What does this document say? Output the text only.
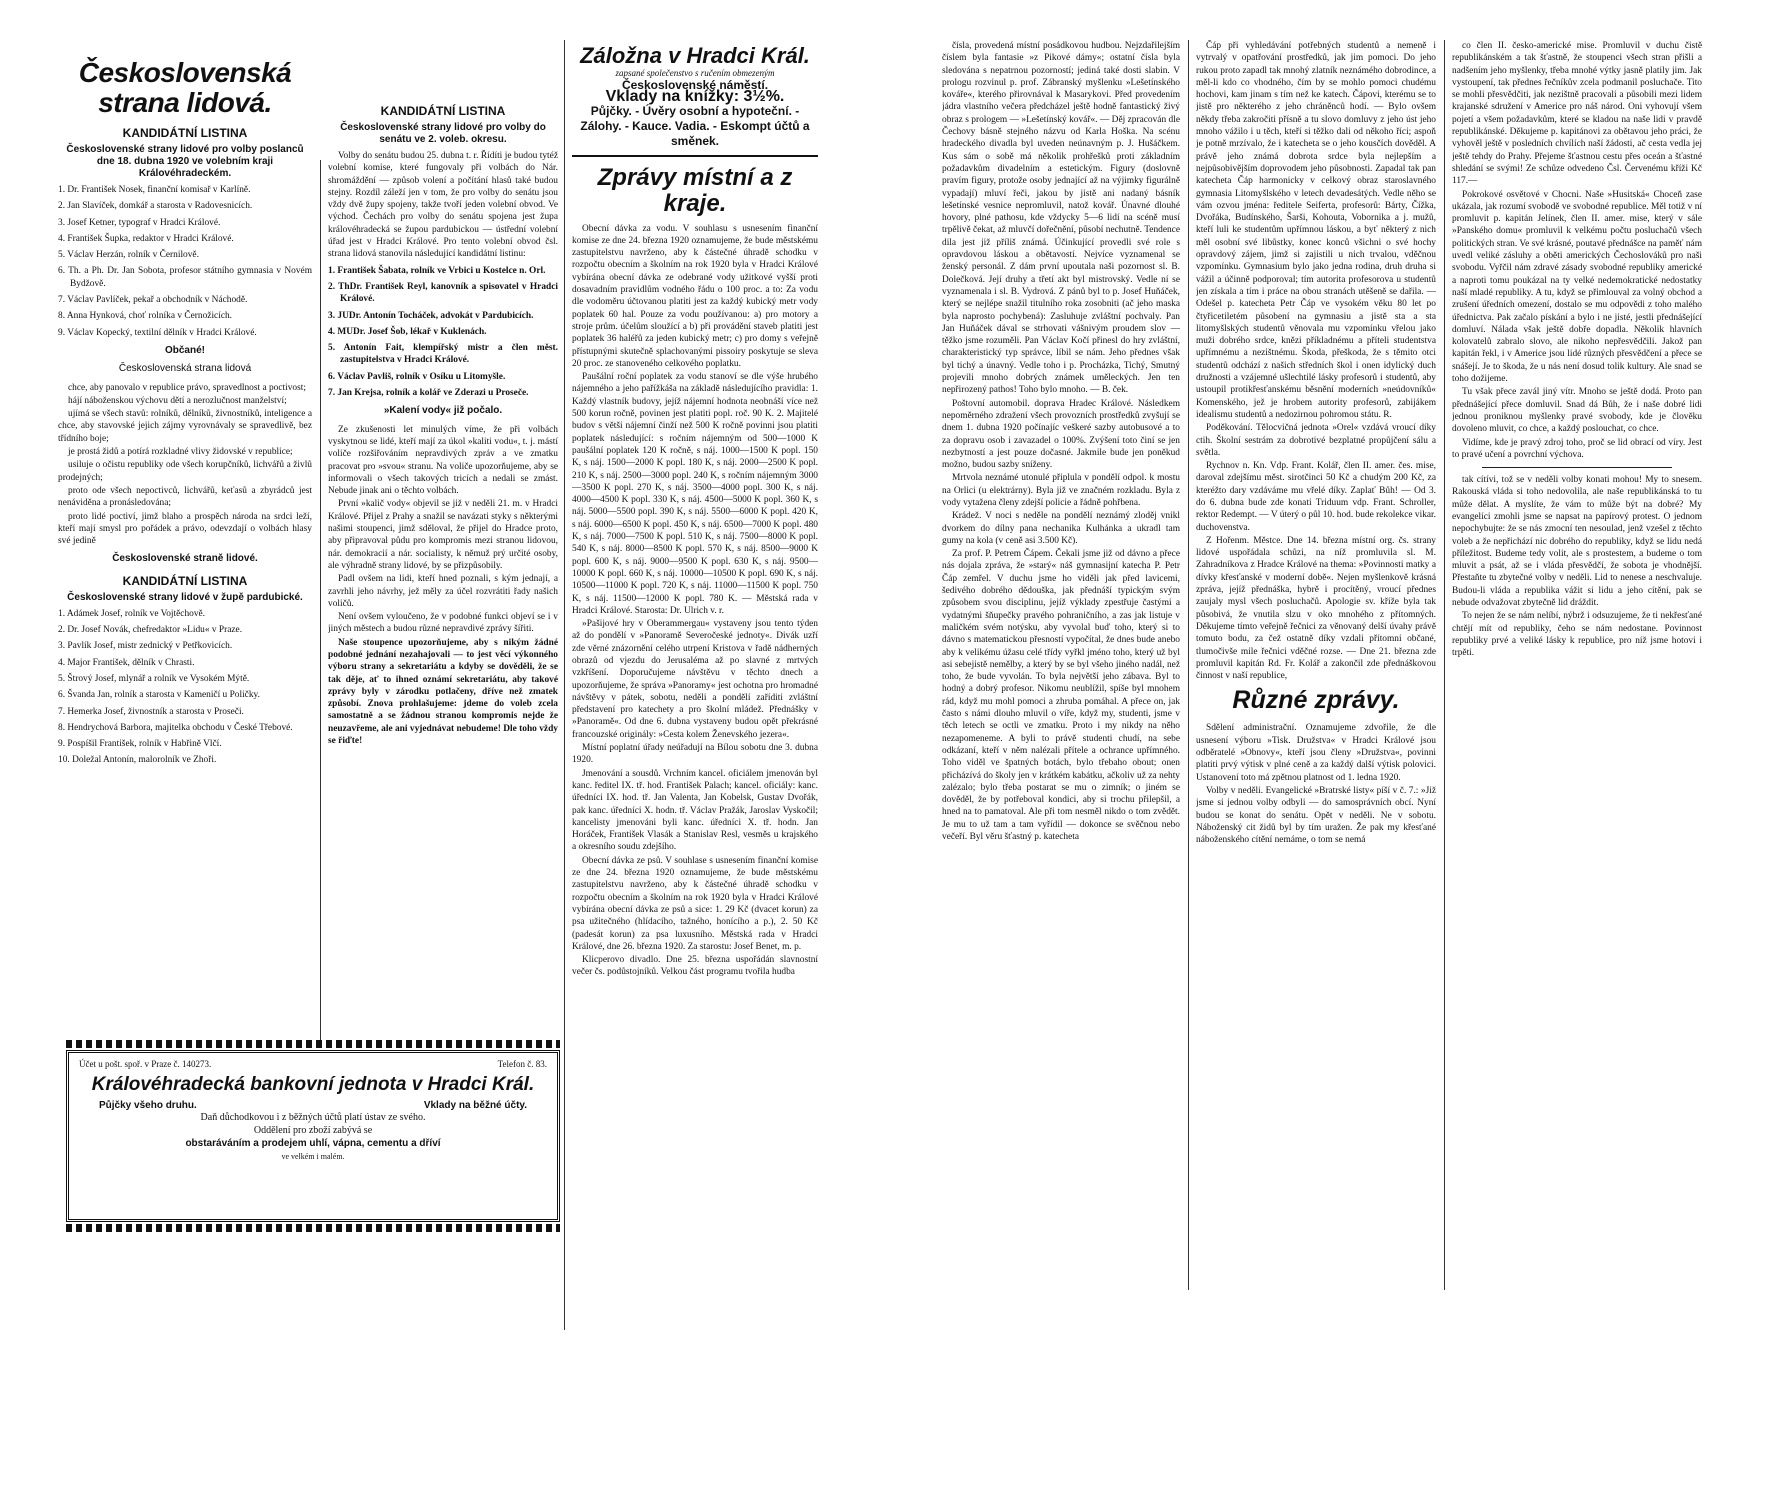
Československá strana lidová.
KANDIDÁTNÍ LISTINA
Československé strany lidové pro volby poslanců dne 18. dubna 1920 ve volebním kraji Královéhradeckém.
1. Dr. František Nosek, finanční komisař v Karlíně.
2. Jan Slavíček, domkář a starosta v Radovesnicích.
3. Josef Ketner, typograf v Hradci Králové.
4. František Šupka, redaktor v Hradci Králové.
5. Václav Herzán, rolník v Černilově.
6. Th. a Ph. Dr. Jan Sobota, profesor státního gymnasia v Novém Bydžově.
7. Václav Pavlíček, pekař a obchodník v Náchodě.
8. Anna Hynková, choť rolníka v Černožicích.
9. Václav Kopecký, textilní dělník v Hradci Králové.
Občané!
Československá strana lidová

chce, aby panovalo v republice právo, spravedlnost a poctivost;

hájí náboženskou výchovu dětí a nerozlučnost manželství;

ujímá se všech stavů: rolníků, dělníků, živnostníků, inteligence a chce, aby stavovské jejich zájmy vyrovnávaly se spravedlivě, bez třídního boje;

je prostá židů a potírá rozkladné vlivy židovské v republice;

usiluje o očistu republiky ode všech korupčníků, lichvářů a živlů prodejných;

proto ode všech nepoctivců, lichvářů, keťasů a zbyrádců jest nenáviděna a pronásledována;

proto lidé poctiví, jimž blaho a prospěch národa na srdci leží, kteří mají smysl pro pořádek a právo, odevzdají o volbách hlasy své jedině

Československé straně lidové.
KANDIDÁTNÍ LISTINA
Československé strany lidové v župě pardubické.
1. Adámek Josef, rolník ve Vojtěchově.
2. Dr. Josef Novák, chefredaktor »Lidu« v Praze.
3. Pavlík Josef, mistr zednický v Petřkovicích.
4. Major František, dělník v Chrasti.
5. Štrový Josef, mlynář a rolník ve Vysokém Mýtě.
6. Švanda Jan, rolník a starosta v Kameničí u Poličky.
7. Hemerka Josef, živnostník a starosta v Proseči.
8. Hendrychová Barbora, majitelka obchodu v České Třebové.
9. Pospíšil František, rolník v Habřině Vlčí.
10. Doležal Antonín, malorolník ve Zhoři.
KANDIDÁTNÍ LISTINA
Československé strany lidové pro volby do senátu ve 2. voleb. okresu.

Volby do senátu budou 25. dubna t. r. Řídíti je budou tytéž volební komise, které fungovaly při volbách do Nár. shromáždění — způsob volení a počítání hlasů také budou stejny. Rozdíl záleží jen v tom, že pro volby do senátu jsou vždy dvě župy spojeny, takže tvoří jeden volební obvod. Ve východ. Čechách pro volby do senátu spojena jest župa královéhradecká se župou pardubickou — ústřední volební úřad jest v Hradci Králové. Pro tento volební obvod čsl. strana lidová stanovila následující kandidátní listinu:

1. František Šabata, rolník ve Vrbici u Kostelce n. Orl.
2. ThDr. František Reyl, kanovník a spisovatel v Hradci Králové.
3. JUDr. Antonín Tocháček, advokát v Pardubicích.
4. MUDr. Josef Šob, lékař v Kuklenách.
5. Antonín Fait, klempířský mistr a člen měst. zastupitelstva v Hradci Králové.
6. Václav Pavliš, rolník v Osíku u Litomyšle.
7. Jan Krejsa, rolník a kolář ve Zderazi u Proseče.
»Kalení vody« již počalo.

Ze zkušenosti let minulých víme, že při volbách vyskytnou se lidé, kteří mají za úkol »kaliti vodu«, t. j. mástí voliče rozšiřováním nepravdivých zpráv a ve zmatku pracovat pro »svou« stranu. Na voliče upozorňujeme, aby se informovali o všech takových tricích a nedali se zmást. Nebude jinak ani o těchto volbách.

První »kalič vody« objevil se již v neděli 21. m. v Hradci Králové. Přijel z Prahy a snažil se navázati styky s některými našimi stoupenci, jimž sděloval, že přijel do Hradce proto, aby připravoval půdu pro kompromis mezi stranou lidovou, nár. demokracií a nár. socialisty, k němuž prý určité osoby, ale výhradně strany lidové, by se přizpůsobily.

Padl ovšem na lidi, kteří hned poznali, s kým jednají, a zavrhli jeho návrhy, jež měly za účel rozvrátiti řady našich voličů.

Není ovšem vyloučeno, že v podobné funkci objeví se i v jiných městech a budou různé nepravdivé zprávy šířiti.

Naše stoupence upozorňujeme, aby s nikým žádné podobné jednání nezahajovali — to jest věcí výkonného výboru strany a sekretariátu a kdyby se dověděli, že se tak děje, ať to ihned oznámí sekretariátu, aby takové zprávy byly v zárodku potlačeny, dříve než zmatek způsobí. Znova prohlašujeme: jdeme do voleb zcela samostatně a se žádnou stranou kompromis nejde že neuzavřeme, ale ani vyjednávat nebudeme! Dle toho vždy se řiďte!

Záložna v Hradci Král.
zapsané společenstvo s ručením obmezeným
Československé náměstí.
Vklady na knížky: 3½%.
Půjčky. - Úvěry osobní a hypoteční. - Zálohy. - Kauce. Vadia. - Eskompt účtů a směnek.
Zprávy místní a z kraje.

Obecní dávka za vodu. V souhlasu s usnesením finanční komise ze dne 24. března 1920 oznamujeme, že bude městskému zastupitelstvu navrženo, aby k částečné úhradě schodku v rozpočtu obecním a školním na rok 1920 byla v Hradci Králové vybírána obecní dávka ze odebrané vody užitkové vyšší proti dosavadním pravidlům vodného řádu o 100 proc. a to: Za vodu dle vodoměru účtovanou platiti jest za každý kubický metr vody poplatek 60 hal. Pouze za vodu používanou: a) pro motory a stroje prům. účelům sloužící a b) při provádění staveb platiti jest poplatek 36 haléřů za jeden kubický metr; c) pro domy s veřejně přístupnými skutečně splachovanými pissoiry poskytuje se sleva 20 proc. ze stanoveného celkového poplatku.

Paušální roční poplatek za vodu stanoví se dle výše hrubého nájemného a jeho pařížkáša na základě následujícího pravidla: 1. Každý vlastník budovy, jejíž nájemní hodnota neobnáší více než 500 korun ročně, povinen jest platiti popl. roč. 90 K. 2. Majitelé budov s větší nájemní činží než 500 K ročně povinni jsou platiti poplatek následující: s ročním nájemným od 500—1000 K paušální poplatek 120 K ročně, s náj. 1000—1500 K popl. 150 K, s náj. 1500—2000 K popl. 180 K, s náj. 2000—2500 K popl. 210 K, s náj. 2500—3000 popl. 240 K, s ročním nájemným 3000—3500 K popl. 270 K, s náj. 3500—4000 popl. 300 K, s náj. 4000—4500 K popl. 330 K, s náj. 4500—5000 K popl. 360 K, s náj. 5000—5500 popl. 390 K, s náj. 5500—6000 K popl. 420 K, s náj. 6000—6500 K popl. 450 K, s náj. 6500—7000 K popl. 480 K, s náj. 7000—7500 K popl. 510 K, s náj. 7500—8000 K popl. 540 K, s náj. 8000—8500 K popl. 570 K, s náj. 8500—9000 K popl. 600 K, s náj. 9000—9500 K popl. 630 K, s náj. 9500—10000 K popl. 660 K, s náj. 10000—10500 K popl. 690 K, s náj. 10500—11000 K popl. 720 K, s náj. 11000—11500 K popl. 750 K, s náj. 11500—12000 K popl. 780 K. — Městská rada v Hradci Králové. Starosta: Dr. Ulrich v. r.

»Pašijové hry v Oberammergau« vystaveny jsou tento týden až do pondělí v »Panoramě Severočeské jednoty«. Divák uzří zde věrné znázornění celého utrpení Kristova v řadě nádherných obrazů od vjezdu do Jerusaléma až po slavné z mrtvých vzkříšení. Doporučujeme návštěvu v těchto dnech a upozorňujeme, že správa »Panoramy« jest ochotna pro hromadné návštěvy v pátek, sobotu, neděli a pondělí zaříditi zvláštní představení pro katechety a pro školní mládež. Přednášky v »Panoramě«. Od dne 6. dubna vystaveny budou opět překrásné francouzské originály: »Cesta kolem Ženevského jezera«.

Místní poplatní úřady neúřadují na Bílou sobotu dne 3. dubna 1920.

Jmenování a sousdů. Vrchním kancel. oficiálem jmenován byl kanc. ředitel IX. tř. hod. František Palach; kancel. oficiály: kanc. úředníci IX. hod. tř. Jan Valenta, Jan Kobelsk, Gustav Dvořák, pak kanc. úředníci X. hodn. tř. Václav Pražák, Jaroslav Vyskočil; kancelisty jmenováni byli kanc. úředníci X. tř. hodn. Jan Horáček, František Vlasák a Stanislav Resl, vesměs u krajského a okresního soudu zdejšího.

Obecní dávka ze psů. V souhlase s usnesením finanční komise ze dne 24. března 1920 oznamujeme, že bude městskému zastupitelstvu navrženo, aby k částečné úhradě schodku v rozpočtu obecním a školním na rok 1920 byla v Hradci Králové vybírána obecní dávka ze psů a sice: 1. 29 Kč (dvacet korun) za psa užitečného (hlídacího, tažného, honícího a p.), 2. 50 Kč (padesát korun) za psa luxusního. Městská rada v Hradci Králové, dne 26. března 1920. Za starostu: Josef Benet, m. p.

Klicperovo divadlo. Dne 25. března uspořádán slavnostní večer čs. podůstojníků. Velkou část programu tvořila hudba

Účet u pošt. spoř. v Praze č. 140273.	Telefon č. 83.
Královéhradecká bankovní jednota v Hradci Král.
Půjčky všeho druhu.	Vklady na běžné účty.
Daň důchodkovou i z běžných účtů platí ústav ze svého.
Oddělení pro zboží zabývá se
obstaráváním a prodejem uhlí, vápna, cementu a dříví
ve velkém i malém.

čísla, provedená místní posádkovou hudbou. Nejzdařilejším číslem byla fantasie »z Pikové dámy«; ostatní čísla byla sledována s nepatrnou pozorností; jediná také dosti slabin. V prologu rozvinul p. prof. Zábranský myšlenku »Lešetínského kováře«, kterého přirovnával k Masarykovi. Před provedením jádra vlastního večera předcházel ještě hodně fantastický živý obraz s prologem — »Lešetínský kovář«. — Děj zpracován dle Čechovy básně stejného názvu od Karla Hoška. Na scénu hradeckého divadla byl uveden neúnavným p. J. Hušáčkem. Kus sám o sobě má několik prohřešků proti základním požadavkům divadelním a estetickým. Figury (doslovně pravím figury, protože osoby jednající až na výjimky figurálně vypadají) mluví řeči, jakou by jistě ani nadaný básník lešetínské vesnice nepromluvil, natož kovář. Únavné dlouhé hovory, plné pathosu, kde vždycky 5—6 lidí na scéně musí trpělivě čekat, až mluvčí dořečnění, působí nechutně. Tendence dila jest již příliš známá. Účinkující provedli své role s opravdovou láskou a obětavostí. Nejvíce vyznamenal se ženský personál. Z dám první upoutala naši pozornost sl. B. Dolečková. Její druhy a třetí akt byl mistrovský. Vedle ní se vyznamenala i sl. B. Vydrová. Z pánů byl to p. Josef Huňáček, který se nejlépe snažil titulního roka zosobniti (ač jeho maska byla naprosto pochybená): Zasluhuje zvláštní pochvaly. Pan Jan Huňáček dával se strhovati vášnivým proudem slov — těžko jsme rozuměli. Pan Václav Kočí přinesl do hry zvláštní, charakteristický typ správce, líbil se nám. Jeho přednes však byl tichý a únavný. Vedle toho i p. Procházka, Tichý, Smutný projevili mnoho dobrých známek uměleckých. Jen ten nepřirozený pathos! Toho bylo mnoho. — B. ček.

Poštovní automobil. doprava Hradec Králové. Následkem nepoměrného zdražení všech provozních prostředků zvyšují se dnem 1. dubna 1920 počínajíc veškeré sazby autobusové a to za dopravu osob i zavazadel o 100%. Zvýšení toto činí se jen nezbytností a jest pouze dočasné. Jakmile bude jen poněkud možno, budou sazby sníženy.

Mrtvola neznámé utonulé připlula v pondělí odpol. k mostu na Orlici (u elektrárny). Byla již ve značném rozkladu. Byla z vody vytažena členy zdejší policie a řádně pohřbena.

Krádež. V noci s neděle na pondělí neznámý zloděj vnikl dvorkem do dílny pana nechanika Kulhánka a ukradl tam gumy na kola (v ceně asi 3.500 Kč).

Za prof. P. Petrem Čápem. Čekali jsme již od dávno a přece nás dojala zpráva, že »starý« náš gymnasijní katecha P. Petr Čáp zemřel. V duchu jsme ho viděli jak před lavicemi, šedivého dobrého dědouška, jak přednáší typickým svým způsobem svou disciplinu, jejíž výklady zpestřuje častými a vydatnými šňupečky pravého pohraničního, a zas jak listuje v maličkém svém notýsku, aby vyvolal buď toho, který si to dávno s matematickou přesností vypočítal, že dnes bude anebo aby k velikému úžasu celé třídy vyřkl jméno toho, který už byl asi sebejistě nemělby, a který by se byl všeho jiného nadál, než toho, že bude vyvolán. To byla největší jeho zábava. Byl to hodný a dobrý profesor. Nikomu neublížil, spíše byl mnohem rád, když mu mohl pomoci a zhruba pomáhal. A přece on, jak často s námi dlouho mluvil o víře, když my, studenti, jsme v těch letech se octli ve zmatku. Proto i my nikdy na něho nezapomeneme. A byli to právě studenti chudí, na sebe odkázaní, kteří v něm nalézali přítele a ochrance upřímného. Toho viděl ve špatných botách, bylo třebaho obout; onen přicházívá do školy jen v krátkém kabátku, ačkoliv už za nehty zalézalo; bylo třeba postarat se mu o zimník; o jiném se dověděl, že by potřeboval kondici, aby si trochu přilepšil, a hned na to pamatoval. Ale při tom nesměl nikdo o tom zvědět. Je mu to už tam a tam vyřídil — dokonce se svěčnou nebo večeří. Byl věru šťastný p. katecheta

Čáp při vyhledávání potřebných studentů a nemeně i vytrvalý v opatřování prostředků, jak jim pomoci. Do jeho rukou proto zapadl tak mnohý zlatník neznámého dobrodince, a měl-li kdo co vhodného, čím by se mohlo pomoci chudému hochovi, kam jinam s tím než ke katech. Čápovi, kterému se to jistě pro některého z jeho chráněnců hodí. — Bylo ovšem někdy třeba zakročiti přísně a tu slovo domluvy z jeho úst jeho mnoho vážilo i u těch, kteří si těžko dali od někoho říci; aspoň je potně mrzívalo, že i katecheta se o jeho kousčích dověděl. A právě jeho známá dobrota srdce byla nejlepším a nejpůsobivějším doprovodem jeho působnosti. Zapadal tak pan katecheta Čáp harmonicky v celkový obraz staroslavného gymnasia Litomyšlského v letech devadesátých. Vedle něho se vám ozvou jména: ředitele Seiferta, profesorů: Bárty, Čížka, Dvořáka, Budínského, Šarši, Kohouta, Vobornika a j. mužů, kteří luli ke studentům upřímnou láskou, a byť některý z nich měl osobní své libůstky, konec konců všichni o své hochy opravdový zájem, jimž si zajistili u nich trvalou, vděčnou vzpomínku. Gymnasium bylo jako jedna rodina, druh druha si vážil a účinně podporoval; tím autorita profesorova u studentů jen získala a tím i práce na obou stranách utěšeně se dařila. — Odešel p. katecheta Petr Čáp ve vysokém věku 80 let po čtyřicetiletém působení na gymnasiu a jistě sta a sta litomyšlských studentů věnovala mu vzpomínku vřelou jako muži dobrého srdce, knězi příkladnému a příteli studentstva upřímnému a nezištnému. Škoda, přeškoda, že s těmito otci studentů odchází z našich středních škol i onen idylický duch družnosti a vzájemné ušlechtilé lásky profesorů i studentů, aby ustoupil protikřesťanskému běsnění moderních »neúdovníků« Komenského, jež je hrobem autority profesorů, zabijákem idealismu studentů a nedozirnou pohromou státu. R.

Poděkování. Tělocvičná jednota »Orel« vzdává vroucí díky ctih. Školní sestrám za dobrotivé bezplatné propůjčení sálu a světla.

Rychnov n. Kn. Vdp. Frant. Kolář, člen II. amer. čes. mise, daroval zdejšímu měst. sirotčinci 50 Kč a chudým 200 Kč, za kteréžto dary vzdáváme mu vřelé díky. Zaplať Bůh! — Od 3. do 6. dubna bude zde konati Triduum vdp. Frant. Schroller, rektor Redempt. — V úterý o půl 10. hod. bude rekolekce vikar. duchovenstva.

Z Hořenm. Městce. Dne 14. března místní org. čs. strany lidové uspořádala schůzi, na níž promluvila sl. M. Zahradníkova z Hradce Králové na thema: »Povinnosti matky a dívky křesťanské v moderní době«. Nejen myšlenkově krásná zpráva, jejíž přednáška, hybrě i procítěný, vroucí přednes zaujaly mysl všech posluchačů. Apologie sv. kříže byla tak působivá, že vnutila slzu v oko mnohého z přítomných. Děkujeme tímto veřejně řečnici za věnovaný delší úvahy právě tomuto bodu, za čež ostatně díky vzdali přítomní občané, tlumočivše mile řečnici vděčné rozse. — Dne 21. března zde promluvil kapitán Rd. Fr. Kolář a zakončil zde přednáškovou činnost v naší republice,

Různé zprávy.

Sdělení administrační. Oznamujeme zdvořile, že dle usnesení výboru »Tisk. Družstva« v Hradci Králové jsou odběratelé »Obnovy«, kteří jsou členy »Družstva«, povinni platiti prvý výtisk v plné ceně a za každý další výtisk polovici. Ustanovení toto má zpětnou platnost od 1. ledna 1920.

Volby v neděli. Evangelické »Bratrské listy« píší v č. 7.: »Již jsme si jednou volby odbyli — do samosprávních obcí. Nyní budou se konat do senátu. Opět v neděli. Ne v sobotu. Náboženský cit židů byl by tím uražen. Že pak my křesťané náboženského cítění nemáme, o tom se nemá

co člen II. česko-americké mise. Promluvil v duchu čistě republikánském a tak šťastně, že stoupenci všech stran přišli a nadšením jeho myšlenky, třeba mnohé výtky jasně platily jim. Jak vystoupení, tak přednes řečníkův zcela podmanil posluchače. Tito se mohli přesvědčiti, jak nezištně pracovali a působili mezi lidem krajanské sdružení v Americe pro náš národ. Oni vyhovují všem pojetí a všem požadavkům, které se kladou na naše lidi v pravdě republikánské. Děkujeme p. kapitánovi za obětavou jeho práci, že vyhověl ještě v posledních chvílích naší žádosti, ač cesta vedla jej ještě tehdy do Prahy. Přejeme šťastnou cestu přes oceán a šťastné shledání se svými! Ze schůze odvedeno Čsl. Červenému kříži Kč 117.—

Pokrokové osvětové v Chocni. Naše »Husitská« Choceň zase ukázala, jak rozumí svobodě ve svobodné republice. Měl totiž v ní promluvit p. kapitán Jelínek, člen II. amer. mise, který v sále »Panského domu« promluvil k velkému počtu posluchačů všech politických stran. Ve své krásné, poutavé přednášce na paměť nám uvedl veliké zásluhy a oběti amerických Čechoslováků pro naši svobodu. Vyřčil nám zdravé zásady svobodné republiky americké a naproti tomu poukázal na ty velké nedemokratické nedostatky naší mladé republiky. A tu, když se přimlouval za volný obchod a zrušení úředních omezení, dostalo se mu odpovědi z toho malého úřednictva. Pak začalo pískání a bylo i ne jisté, jestli přednášející domluví. Nálada však ještě dobře dopadla. Několik hlavních kolovatelů zabralo slovo, ale nikoho nepřesvědčili. Jakož pan kapitán řekl, i v Americe jsou lidé různých přesvědčení a přece se snášejí. Je to škoda, že u nás není dosud tolik kultury. Ale snad se toho dožijeme.

Tu však přece zavál jiný vítr. Mnoho se ještě dodá. Proto pan přednášející přece domluvil. Snad dá Bůh, že i naše dobré lidi jednou proniknou myšlenky pravé svobody, kde je člověku dovoleno mluvit, co chce, a každý poslouchat, co chce.

Vidíme, kde je pravý zdroj toho, proč se lid obrací od víry. Jest to pravé učení a povrchní výchova.

tak cítívi, tož se v neděli volby konati mohou! My to snesem. Rakouská vláda si toho nedovolila, ale naše republikánská to tu může dělat. A myslíte, že vám to může být na dobré? My evangelíci zmohli jsme se napsat na papírový protest. O jednom nepochybujte: že se nás zmocní ten nesoulad, jenž vzešel z těchto voleb a že nepřichází nic dobrého do republiky, když se lidu nedá příležitost. Budeme tedy volit, ale s prostestem, a budeme o tom mluvit a psát, až se i vláda přesvědčí, že sobota je vhodnější. Přestaňte tu zbytečné volby v neděli. Lid to nenese a neschvaluje. Budou-li vláda a republika vážit si lidu a jeho cítění, pak se nebude odvažovat zbytečně lid dráždit.

To nejen že se nám nelíbí, nýbrž i odsuzujeme, že ti nekřesťané chtějí mít od republiky, čeho se nám nedostane. Povinnost republiky prvé a veliké lásky k republice, pro níž jsme hotovi i trpěti.
